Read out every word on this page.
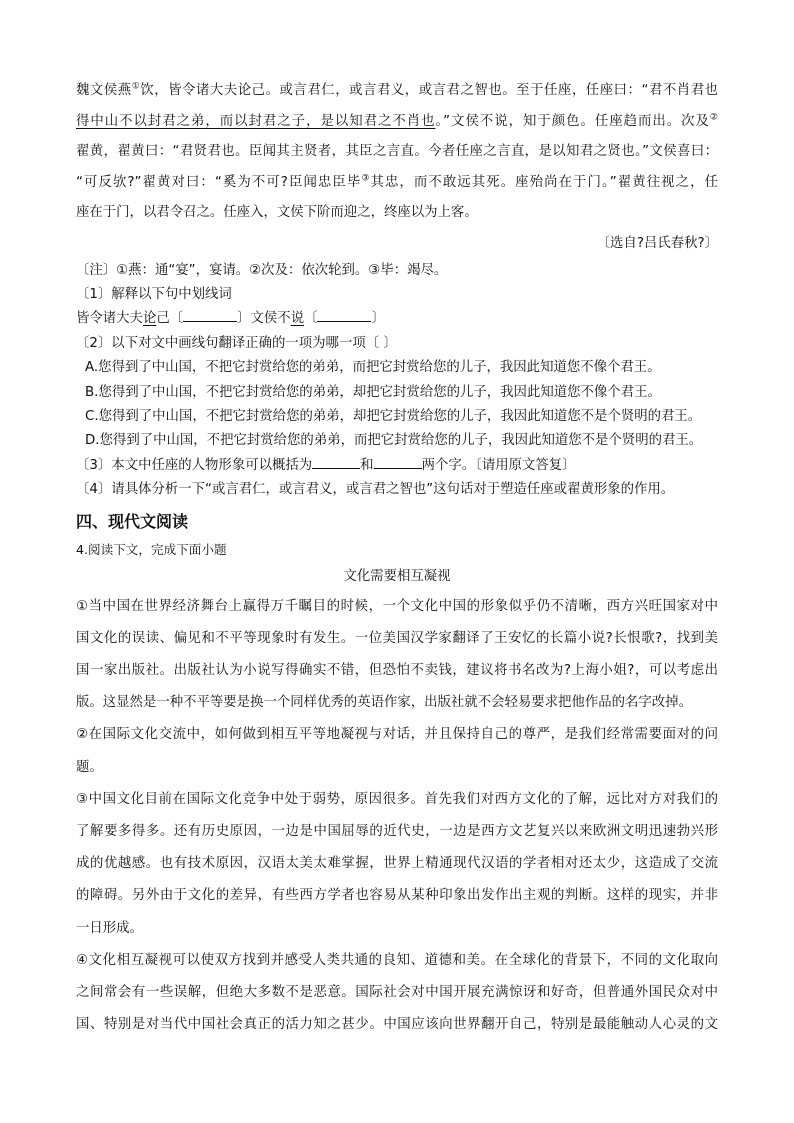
魏文侯燕①饮，皆令诸大夫论己。或言君仁，或言君义，或言君之智也。至于任座，任座曰：“君不肖君也

得中山不以封君之弟，而以封君之子，是以知君之不肖也。”文侯不说，知于颜色。任座趋而出。次及②

翟黄，翟黄曰：“君贤君也。臣闻其主贤者，其臣之言直。今者任座之言直，是以知君之贤也。”文侯喜曰：

“可反欤?”翟黄对曰：“奚为不可?臣闻忠臣毕③其忠，而不敢远其死。座殆尚在于门。”翟黄往视之，任

座在于门，以君令召之。任座入，文侯下阶而迎之，终座以为上客。

〔选自?吕氏春秋?〕

〔注〕①燕：通“宴”，宴请。②次及：依次轮到。③毕：竭尽。

〔1〕解释以下句中划线词

皆令诸大夫论己〔	〕文侯不说〔	〕

〔2〕以下对文中画线句翻译正确的一项为哪一项〔 〕

A.您得到了中山国，不把它封赏给您的弟弟，而把它封赏给您的儿子，我因此知道您不像个君王。

B.您得到了中山国，不把它封赏给您的弟弟，却把它封赏给您的儿子，我因此知道您不像个君王。

C.您得到了中山国，不把它封赏给您的弟弟，却把它封赏给您的儿子，我因此知道您不是个贤明的君王。

D.您得到了中山国，不把它封赏给您的弟弟，而把它封赏给您的儿子，我因此知道您不是个贤明的君王。

〔3〕本文中任座的人物形象可以概括为	和	两个字。〔请用原文答复〕

〔4〕请具体分析一下“或言君仁，或言君义，或言君之智也”这句话对于塑造任座或翟黄形象的作用。

四、现代文阅读

4.阅读下文，完成下面小题

文化需要相互凝视

①当中国在世界经济舞台上赢得万千瞩目的时候，一个文化中国的形象似乎仍不清晰，西方兴旺国家对中

国文化的误读、偏见和不平等现象时有发生。一位美国汉学家翻译了王安忆的长篇小说?长恨歌?，找到美

国一家出版社。出版社认为小说写得确实不错，但恐怕不卖钱，建议将书名改为?上海小姐?，可以考虑出

版。这显然是一种不平等要是换一个同样优秀的英语作家，出版社就不会轻易要求把他作品的名字改掉。

②在国际文化交流中，如何做到相互平等地凝视与对话，并且保持自己的尊严，是我们经常需要面对的问

题。

③中国文化目前在国际文化竞争中处于弱势，原因很多。首先我们对西方文化的了解，远比对方对我们的

了解要多得多。还有历史原因，一边是中国屈辱的近代史，一边是西方文艺复兴以来欧洲文明迅速勃兴形

成的优越感。也有技术原因，汉语太美太难掌握，世界上精通现代汉语的学者相对还太少，这造成了交流

的障碍。另外由于文化的差异，有些西方学者也容易从某种印象出发作出主观的判断。这样的现实，并非

一日形成。

④文化相互凝视可以使双方找到并感受人类共通的良知、道德和美。在全球化的背景下，不同的文化取向

之间常会有一些误解，但绝大多数不是恶意。国际社会对中国开展充满惊讶和好奇，但普通外国民众对中

国、特别是对当代中国社会真正的活力知之甚少。中国应该向世界翻开自己，特别是最能触动人心灵的文
